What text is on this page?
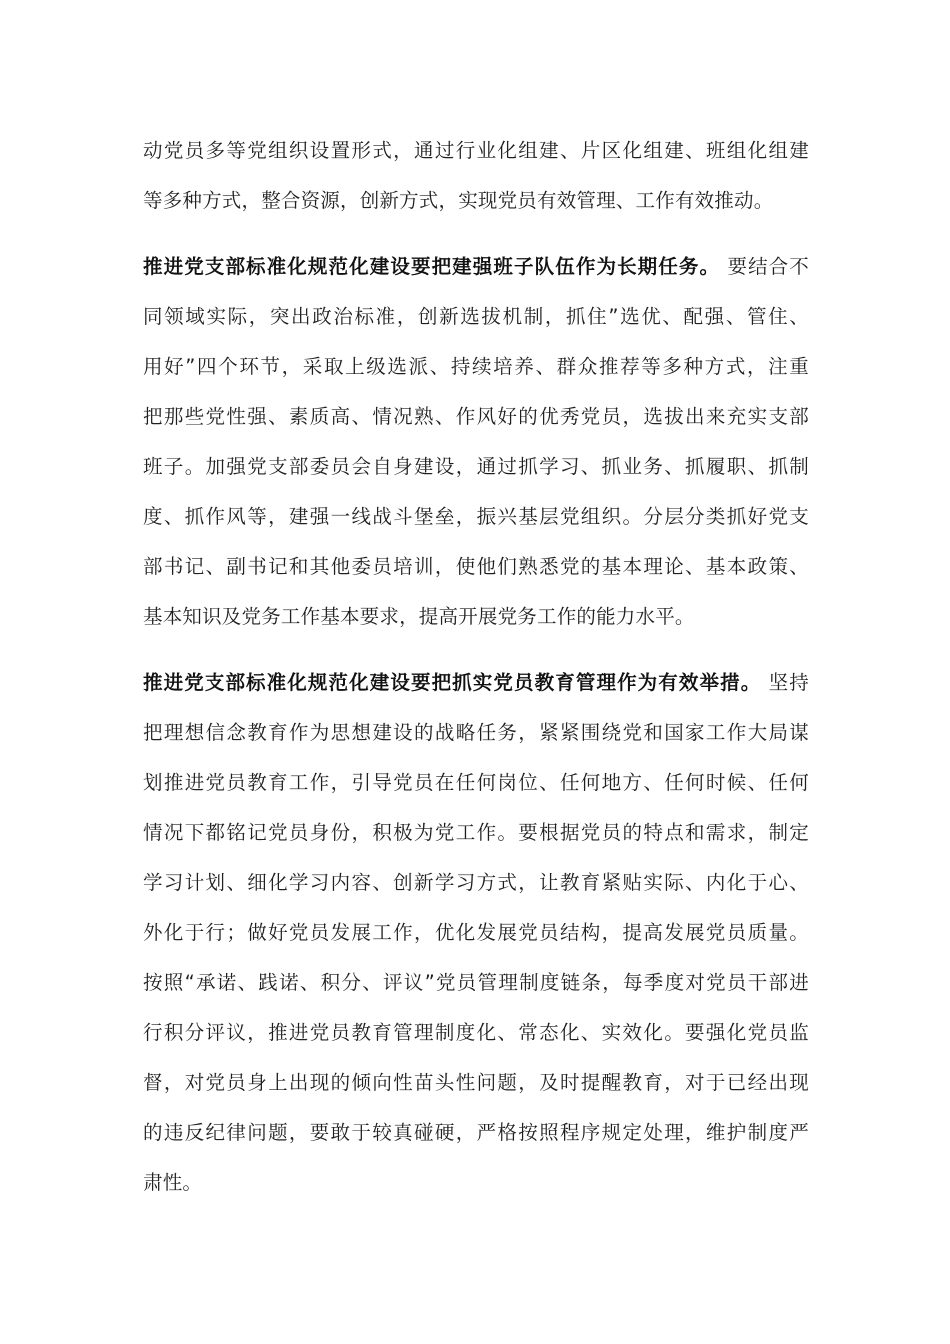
动党员多等党组织设置形式，通过行业化组建、片区化组建、班组化组建
等多种方式，整合资源，创新方式，实现党员有效管理、工作有效推动。
推进党支部标准化规范化建设要把建强班子队伍作为长期任务。 要结合不
同领域实际，突出政治标准，创新选拔机制，抓住”选优、配强、管住、
用好”四个环节，采取上级选派、持续培养、群众推荐等多种方式，注重
把那些党性强、素质高、情况熟、作风好的优秀党员，选拔出来充实支部
班子。加强党支部委员会自身建设，通过抓学习、抓业务、抓履职、抓制
度、抓作风等，建强一线战斗堡垒，振兴基层党组织。分层分类抓好党支
部书记、副书记和其他委员培训，使他们熟悉党的基本理论、基本政策、
基本知识及党务工作基本要求，提高开展党务工作的能力水平。
推进党支部标准化规范化建设要把抓实党员教育管理作为有效举措。 坚持
把理想信念教育作为思想建设的战略任务，紧紧围绕党和国家工作大局谋
划推进党员教育工作，引导党员在任何岗位、任何地方、任何时候、任何
情况下都铭记党员身份，积极为党工作。要根据党员的特点和需求，制定
学习计划、细化学习内容、创新学习方式，让教育紧贴实际、内化于心、
外化于行；做好党员发展工作，优化发展党员结构，提高发展党员质量。
按照“承诺、践诺、积分、评议”党员管理制度链条，每季度对党员干部进
行积分评议，推进党员教育管理制度化、常态化、实效化。要强化党员监
督，对党员身上出现的倾向性苗头性问题，及时提醒教育，对于已经出现
的违反纪律问题，要敢于较真碰硬，严格按照程序规定处理，维护制度严
肃性。
